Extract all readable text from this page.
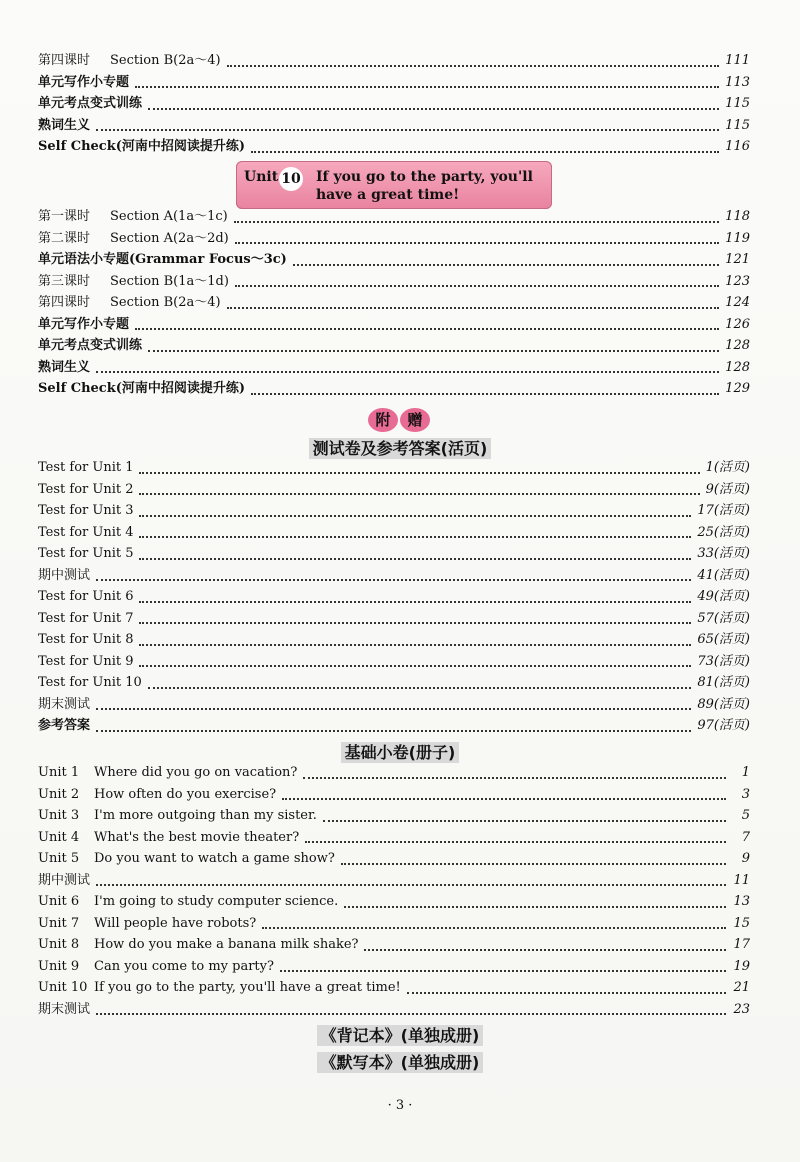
第四课时 Section B(2a～4)	111
单元写作小专题	113
单元考点变式训练	115
熟词生义	115
Self Check(河南中招阅读提升练)	116
Unit 10 If you go to the party, you'll
have a great time!
第一课时 Section A(1a～1c)	118
第二课时 Section A(2a～2d)	119
单元语法小专题(Grammar Focus～3c)	121
第三课时 Section B(1a～1d)	123
第四课时 Section B(2a～4)	124
单元写作小专题	126
单元考点变式训练	128
熟词生义	128
Self Check(河南中招阅读提升练)	129
附	赠
测试卷及参考答案(活页)
Test for Unit 1	1(活页)
Test for Unit 2	9(活页)
Test for Unit 3	17(活页)
Test for Unit 4	25(活页)
Test for Unit 5	33(活页)
期中测试	41(活页)
Test for Unit 6	49(活页)
Test for Unit 7	57(活页)
Test for Unit 8	65(活页)
Test for Unit 9	73(活页)
Test for Unit 10	81(活页)
期末测试	89(活页)
参考答案	97(活页)
基础小卷(册子)
Unit 1 Where did you go on vacation?	1
Unit 2 How often do you exercise?	3
Unit 3 I'm more outgoing than my sister.	5
Unit 4 What's the best movie theater?	7
Unit 5 Do you want to watch a game show?	9
期中测试	11
Unit 6 I'm going to study computer science.	13
Unit 7 Will people have robots?	15
Unit 8 How do you make a banana milk shake?	17
Unit 9 Can you come to my party?	19
Unit 10 If you go to the party, you'll have a great time!	21
期末测试	23
《背记本》(单独成册)
《默写本》(单独成册)
· 3 ·
